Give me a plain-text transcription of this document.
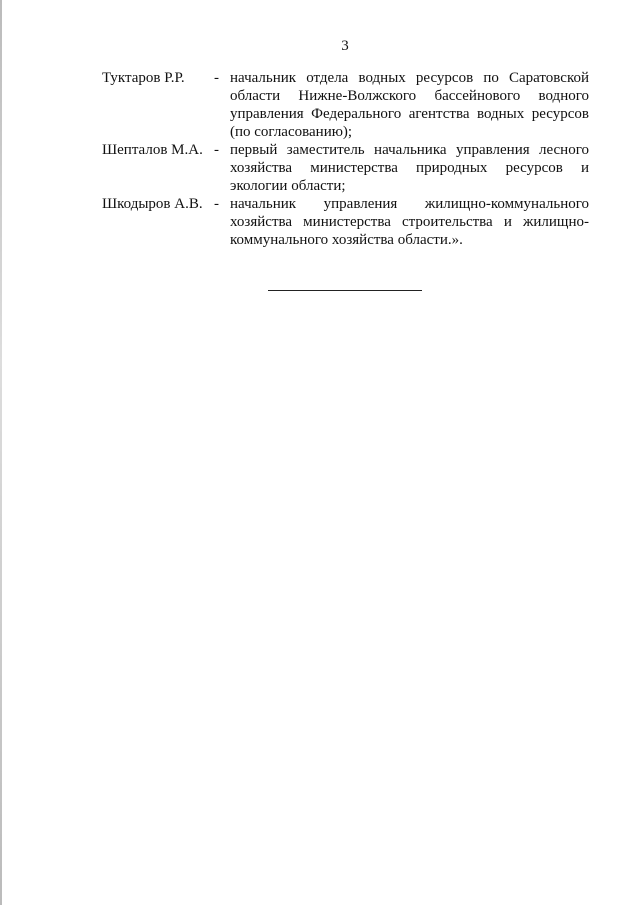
3
Туктаров Р.Р.	- начальник отдела водных ресурсов по Саратовской области Нижне-Волжского бассейнового водного управления Федерального агентства водных ресурсов (по согласованию);
Шепталов М.А. - первый заместитель начальника управления лесного хозяйства министерства природных ресурсов и экологии области;
Шкодыров А.В. - начальник управления жилищно-коммунального хозяйства министерства строительства и жилищно-коммунального хозяйства области.».
